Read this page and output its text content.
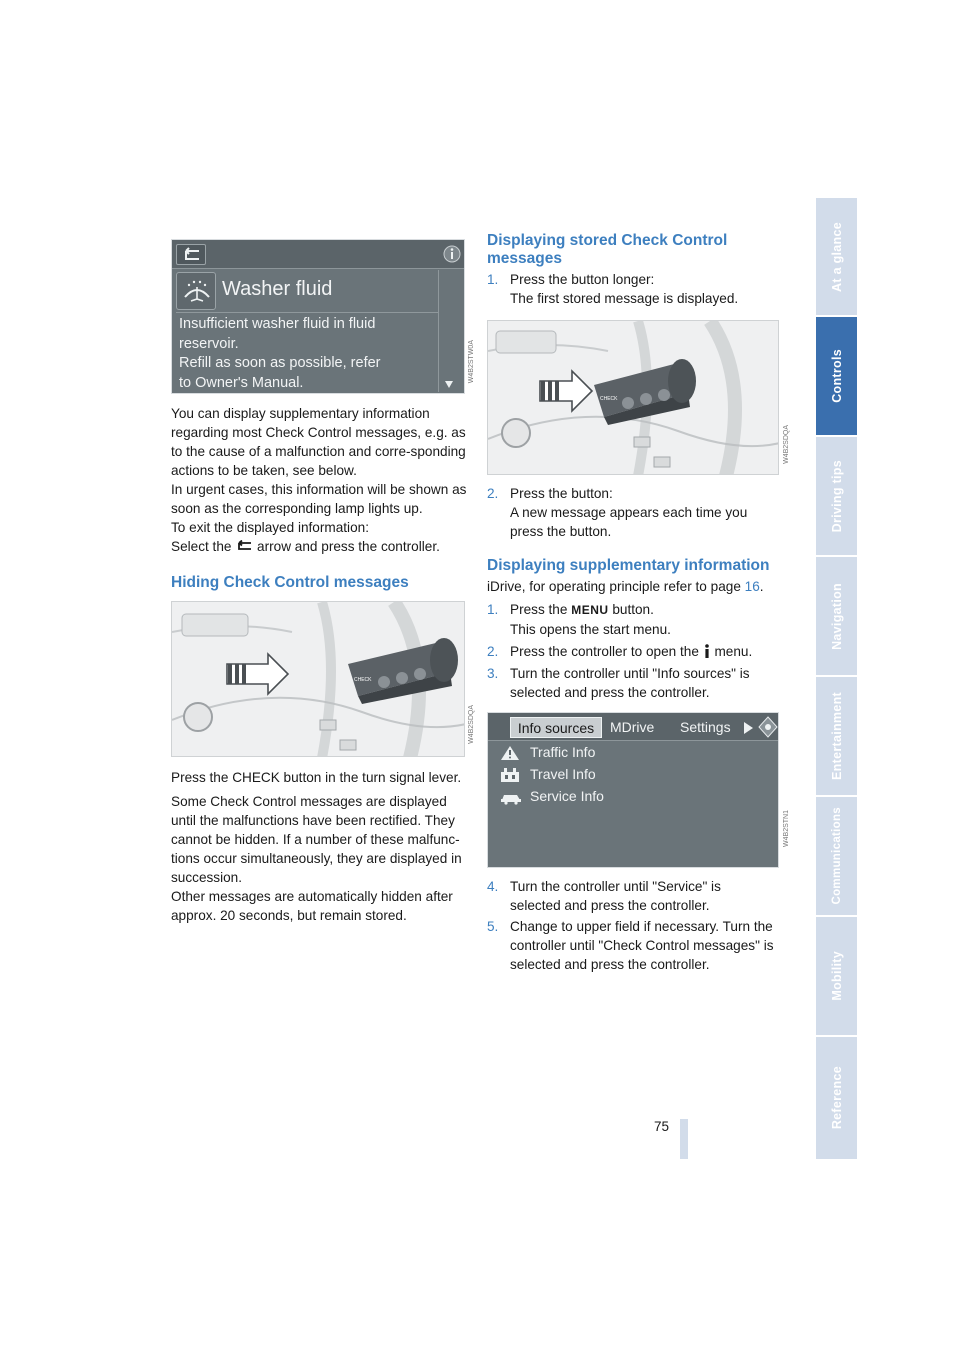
At a glance
Controls
Driving tips
Navigation
Entertainment
Communications
Mobility
Reference
75
Washer fluid
Insufficient washer fluid in fluid
reservoir.
Refill as soon as possible, refer
to Owner's Manual.	W4B2STW0A

You can display supplementary information regarding most Check Control messages, e.g. as to the cause of a malfunction and corre-sponding actions to be taken, see below.

In urgent cases, this information will be shown as soon as the corresponding lamp lights up.

To exit the displayed information:
Select the arrow and press the controller.
Hiding Check Control messages
CHECK
W4B2SDQA

Press the CHECK button in the turn signal lever.

Some Check Control messages are displayed until the malfunctions have been rectified. They cannot be hidden. If a number of these malfunc-tions occur simultaneously, they are displayed in succession.

Other messages are automatically hidden after approx. 20 seconds, but remain stored.

Displaying stored Check Control messages
1. Press the button longer:
The first stored message is displayed.
CHECK
W4B2SDQA
2. Press the button:
A new message appears each time you press the button.
Displaying supplementary information
iDrive, for operating principle refer to page 16.
1. Press the MENU button.
This opens the start menu.
2. Press the controller to open the menu.
3. Turn the controller until "Info sources" is selected and press the controller.
Info sources	MDrive Settings
Traffic Info
Travel Info
Service Info
W4B2STN1
4. Turn the controller until "Service" is selected and press the controller.
5. Change to upper field if necessary. Turn the controller until "Check Control messages" is selected and press the controller.
